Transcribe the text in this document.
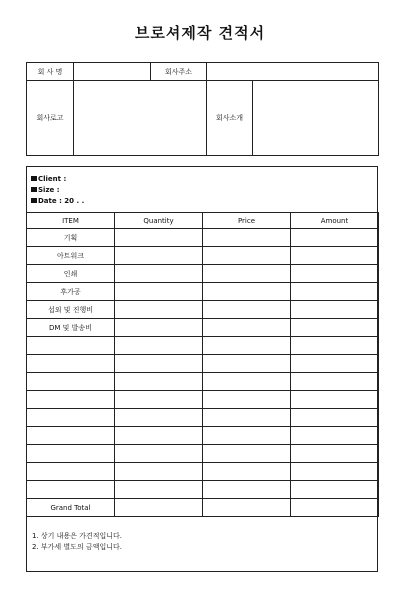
브로셔제작 견적서
회 사 명		회사주소		
회사로고			회사소개	
Client :
Size :
Date : 20 . .
ITEM	Quantity	Price	Amount
기획			
아트워크			
인쇄			
후가공			
섭외 및 진행비			
DM 및 발송비			

Grand Total			
1. 상기 내용은 가견적입니다.
2. 부가세 별도의 금액입니다.
